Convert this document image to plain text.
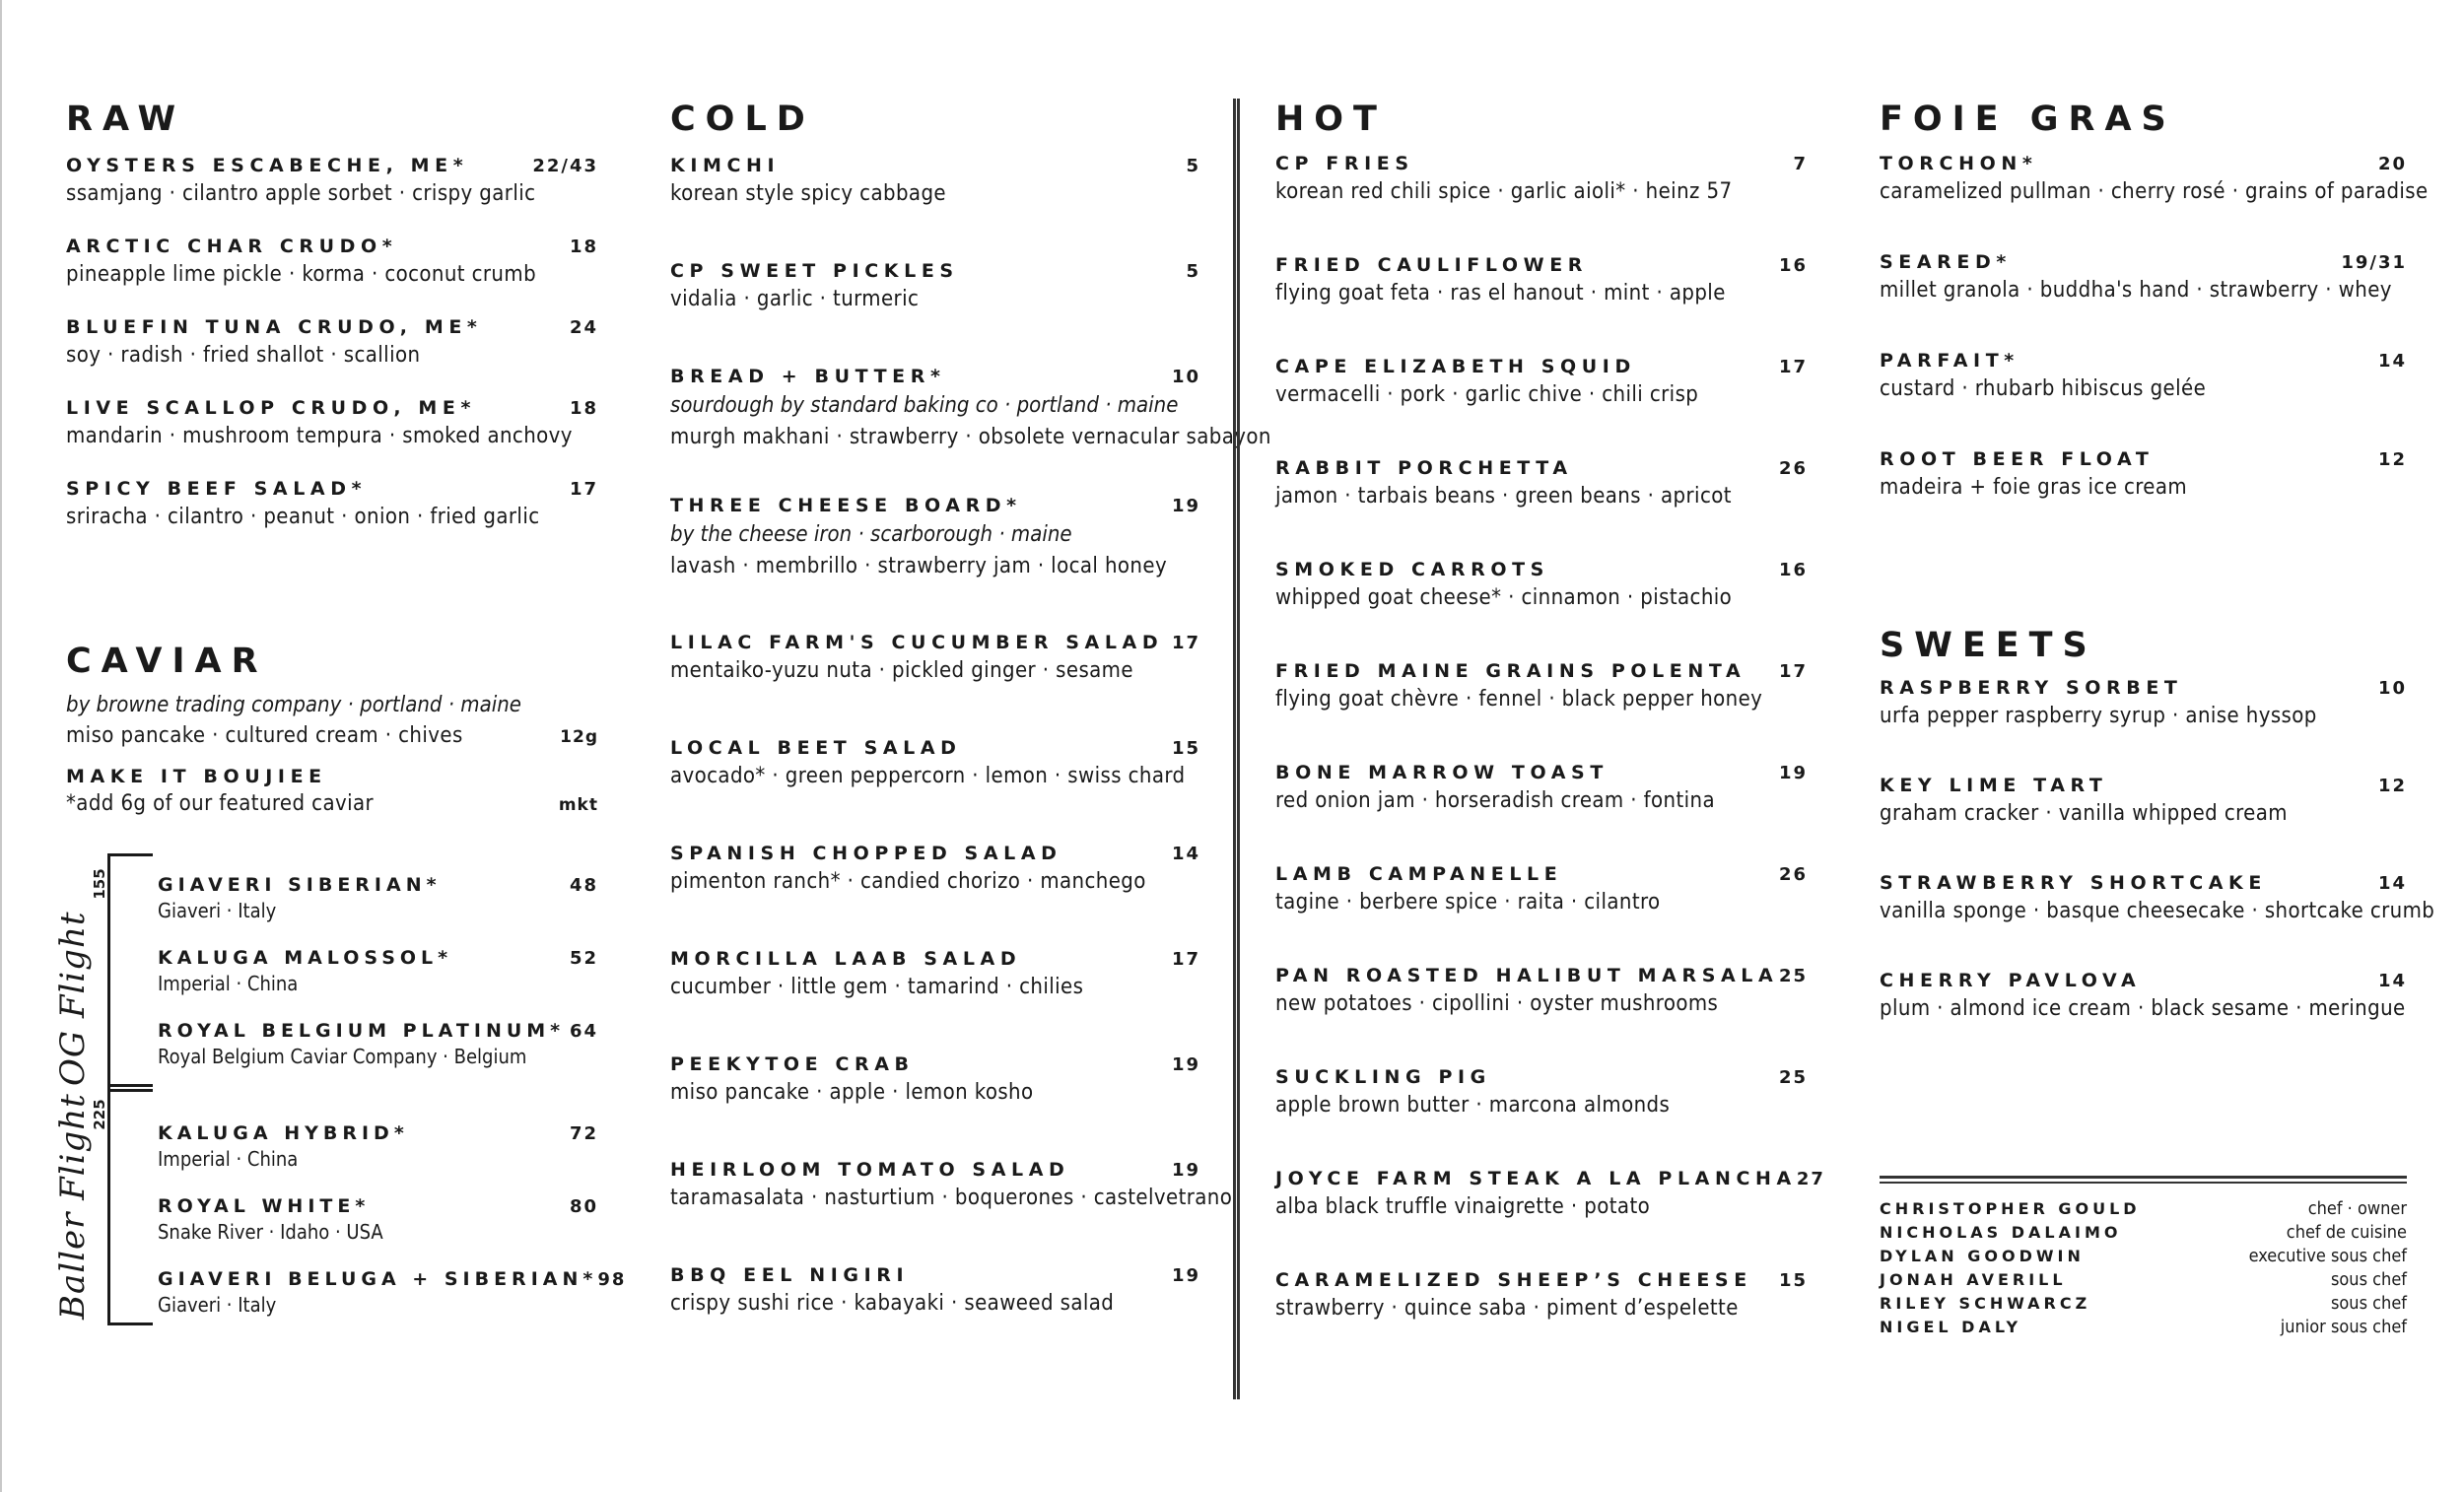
RAW
OYSTERS ESCABECHE, ME*	22/43
ssamjang · cilantro apple sorbet · crispy garlic
ARCTIC CHAR CRUDO*	18
pineapple lime pickle · korma · coconut crumb
BLUEFIN TUNA CRUDO, ME*	24
soy · radish · fried shallot · scallion
LIVE SCALLOP CRUDO, ME*	18
mandarin · mushroom tempura · smoked anchovy
SPICY BEEF SALAD*	17
sriracha · cilantro · peanut · onion · fried garlic
CAVIAR
by browne trading company · portland · maine
miso pancake · cultured cream · chives	12g
MAKE IT BOUJIEE
*add 6g of our featured caviar	mkt
155
OG Flight
GIAVERI SIBERIAN*	48
Giaveri · Italy
KALUGA MALOSSOL*	52
Imperial · China
ROYAL BELGIUM PLATINUM* 64
Royal Belgium Caviar Company · Belgium
225
Baller Flight	KALUGA HYBRID*	72
Imperial · China
ROYAL WHITE*	80
Snake River · Idaho · USA
GIAVERI BELUGA + SIBERIAN* 98
Giaveri · Italy
COLD
KIMCHI	5
korean style spicy cabbage
CP SWEET PICKLES	5
vidalia · garlic · turmeric
BREAD + BUTTER*	10
sourdough by standard baking co · portland · maine
murgh makhani · strawberry · obsolete vernacular sabayon
THREE CHEESE BOARD*	19
by the cheese iron · scarborough · maine
lavash · membrillo · strawberry jam · local honey
LILAC FARM'S CUCUMBER SALAD 17
mentaiko-yuzu nuta · pickled ginger · sesame
LOCAL BEET SALAD	15
avocado* · green peppercorn · lemon · swiss chard
SPANISH CHOPPED SALAD	14
pimenton ranch* · candied chorizo · manchego
MORCILLA LAAB SALAD	17
cucumber · little gem · tamarind · chilies
PEEKYTOE CRAB	19
miso pancake · apple · lemon kosho
HEIRLOOM TOMATO SALAD	19
taramasalata · nasturtium · boquerones · castelvetrano
BBQ EEL NIGIRI	19
crispy sushi rice · kabayaki · seaweed salad
HOT
CP FRIES	7
korean red chili spice · garlic aioli* · heinz 57
FRIED CAULIFLOWER	16
flying goat feta · ras el hanout · mint · apple
CAPE ELIZABETH SQUID	17
vermacelli · pork · garlic chive · chili crisp
RABBIT PORCHETTA	26
jamon · tarbais beans · green beans · apricot
SMOKED CARROTS	16
whipped goat cheese* · cinnamon · pistachio
FRIED MAINE GRAINS POLENTA 17
flying goat chèvre · fennel · black pepper honey
BONE MARROW TOAST	19
red onion jam · horseradish cream · fontina
LAMB CAMPANELLE	26
tagine · berbere spice · raita · cilantro
PAN ROASTED HALIBUT MARSALA 25
new potatoes · cipollini · oyster mushrooms
SUCKLING PIG	25
apple brown butter · marcona almonds
JOYCE FARM STEAK A LA PLANCHA 27
alba black truffle vinaigrette · potato
CARAMELIZED SHEEP’S CHEESE 15
strawberry · quince saba · piment d’espelette
FOIE GRAS
TORCHON*	20
caramelized pullman · cherry rosé · grains of paradise
SEARED*	19/31
millet granola · buddha's hand · strawberry · whey
PARFAIT*	14
custard · rhubarb hibiscus gelée
ROOT BEER FLOAT	12
madeira + foie gras ice cream
SWEETS
RASPBERRY SORBET	10
urfa pepper raspberry syrup · anise hyssop
KEY LIME TART	12
graham cracker · vanilla whipped cream
STRAWBERRY SHORTCAKE	14
vanilla sponge · basque cheesecake · shortcake crumb
CHERRY PAVLOVA	14
plum · almond ice cream · black sesame · meringue
CHRISTOPHER GOULD	chef · owner
NICHOLAS DALAIMO	chef de cuisine
DYLAN GOODWIN	executive sous chef
JONAH AVERILL	sous chef
RILEY SCHWARCZ	sous chef
NIGEL DALY	junior sous chef
